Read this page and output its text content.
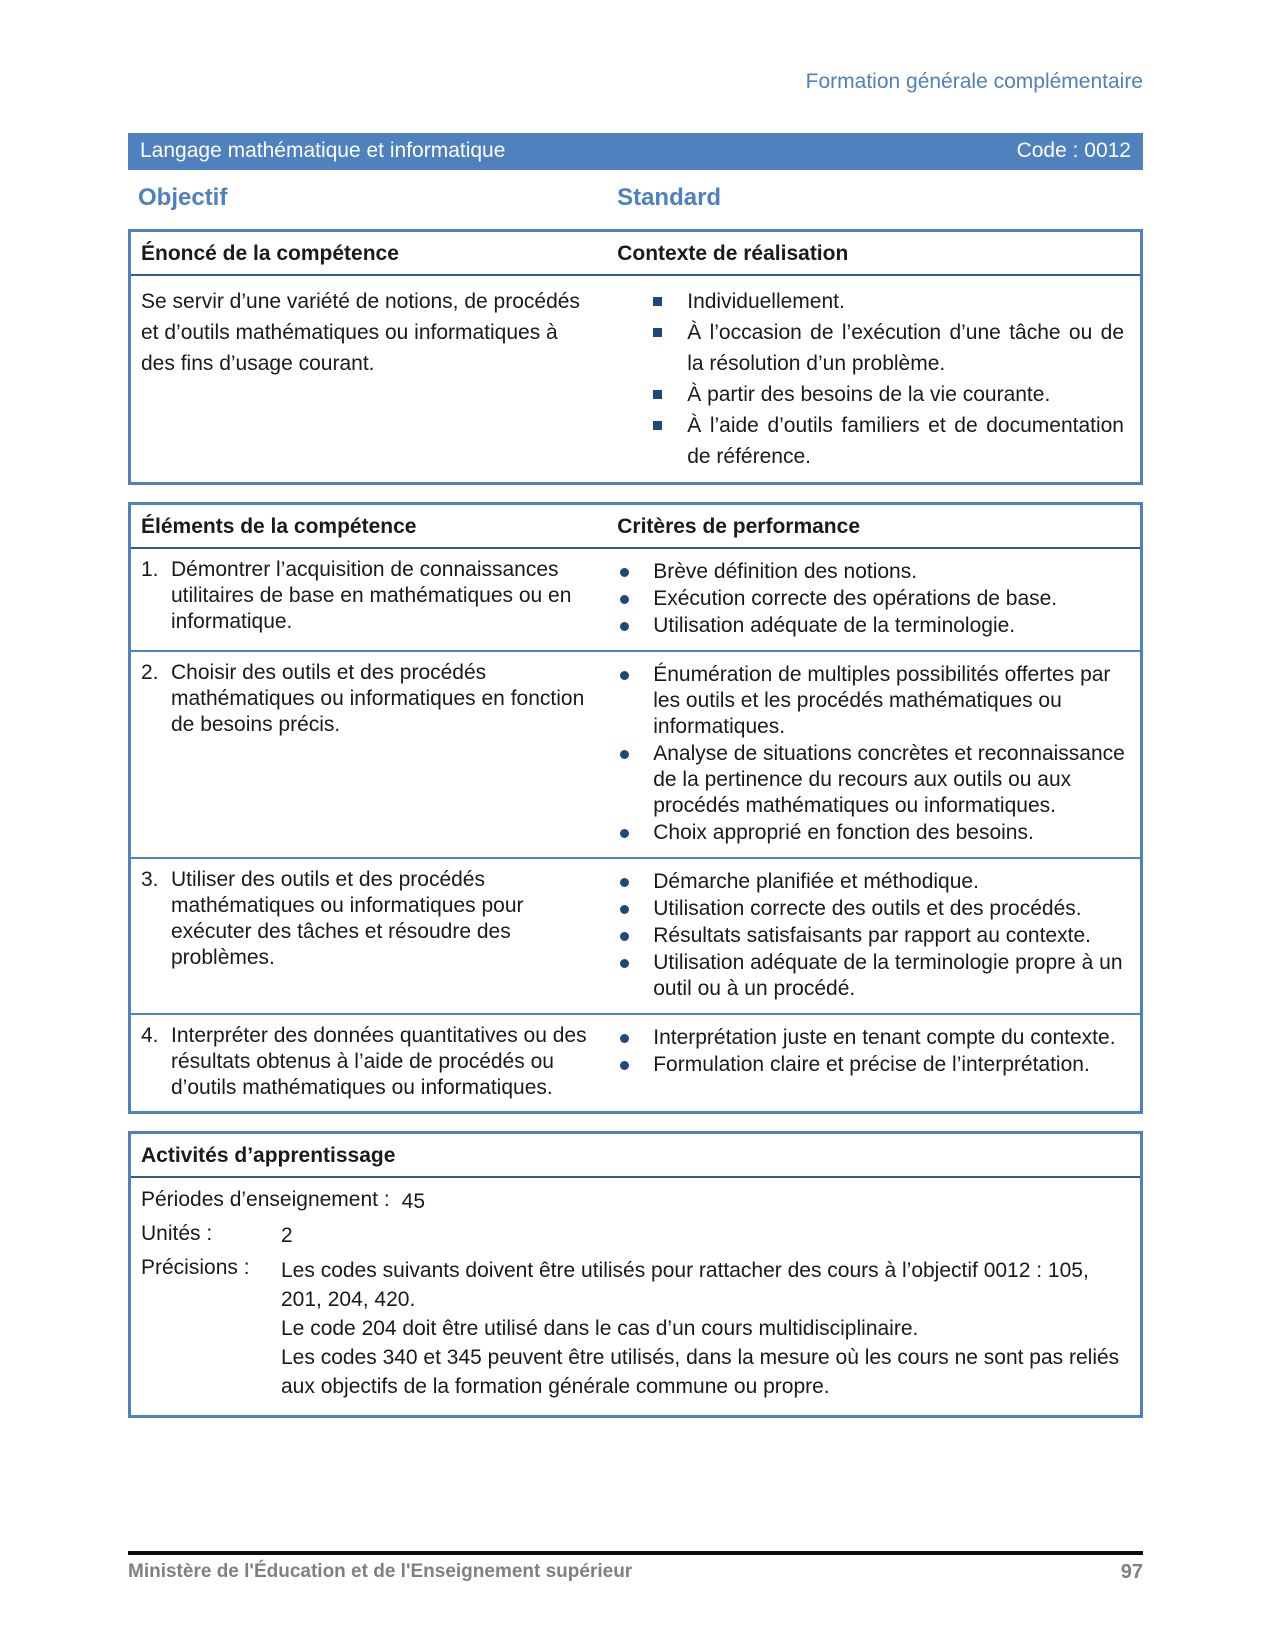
Formation générale complémentaire
Langage mathématique et informatique	Code : 0012
Objectif	Standard
Énoncé de la compétence	Contexte de réalisation

Se servir d’une variété de notions, de procédés et d’outils mathématiques ou informatiques à des fins d’usage courant.

Individuellement.
À l’occasion de l’exécution d’une tâche ou de la résolution d’un problème.
À partir des besoins de la vie courante.
À l’aide d’outils familiers et de documentation de référence.
Éléments de la compétence	Critères de performance
1. Démontrer l’acquisition de connaissances utilitaires de base en mathématiques ou en informatique.
Brève définition des notions.
Exécution correcte des opérations de base.
Utilisation adéquate de la terminologie.
2. Choisir des outils et des procédés mathématiques ou informatiques en fonction de besoins précis.
Énumération de multiples possibilités offertes par les outils et les procédés mathématiques ou informatiques.
Analyse de situations concrètes et reconnaissance de la pertinence du recours aux outils ou aux procédés mathématiques ou informatiques.
Choix approprié en fonction des besoins.
3. Utiliser des outils et des procédés mathématiques ou informatiques pour exécuter des tâches et résoudre des problèmes.
Démarche planifiée et méthodique.
Utilisation correcte des outils et des procédés.
Résultats satisfaisants par rapport au contexte.
Utilisation adéquate de la terminologie propre à un outil ou à un procédé.
4. Interpréter des données quantitatives ou des résultats obtenus à l’aide de procédés ou d’outils mathématiques ou informatiques.
Interprétation juste en tenant compte du contexte.
Formulation claire et précise de l’interprétation.
Activités d’apprentissage
Périodes d’enseignement : 45
Unités :	2
Précisions :	Les codes suivants doivent être utilisés pour rattacher des cours à l’objectif 0012 : 105, 201, 204, 420.
Le code 204 doit être utilisé dans le cas d’un cours multidisciplinaire.
Les codes 340 et 345 peuvent être utilisés, dans la mesure où les cours ne sont pas reliés aux objectifs de la formation générale commune ou propre.
Ministère de l'Éducation et de l'Enseignement supérieur	97
